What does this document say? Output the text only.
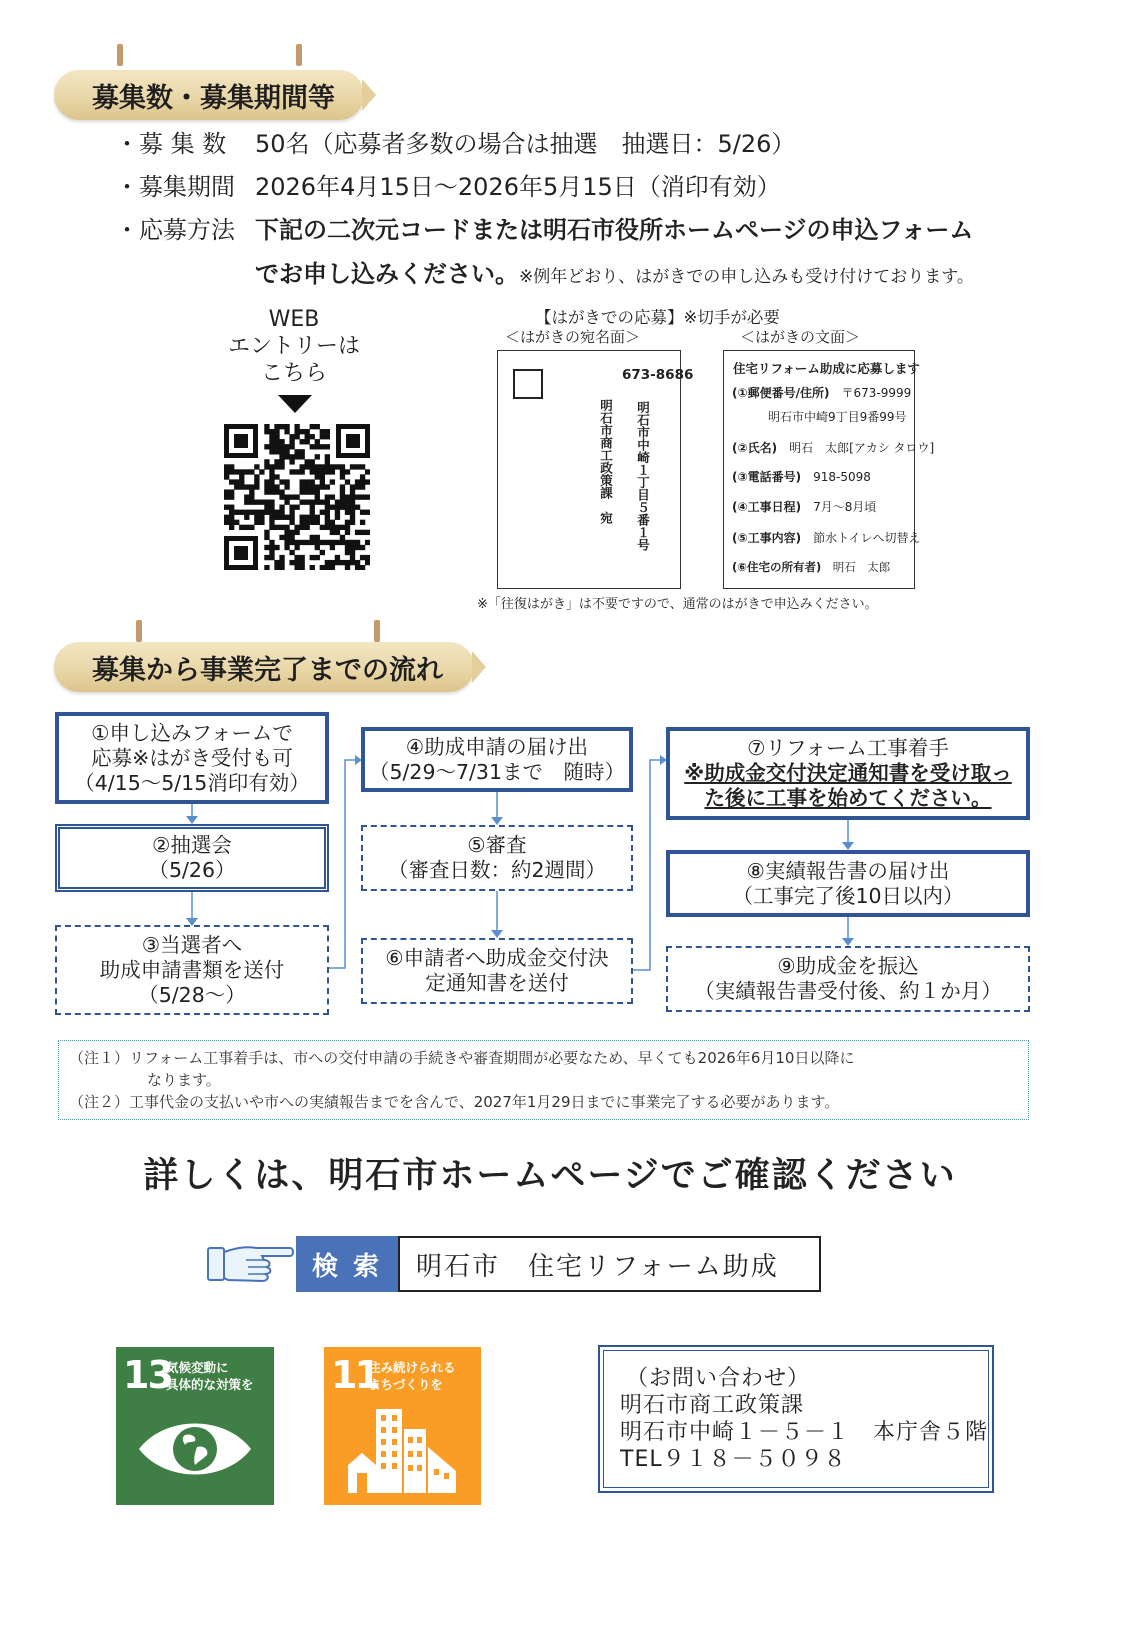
募集数・募集期間等
・募 集 数 50名（応募者多数の場合は抽選　抽選日：5/26）
・募集期間 2026年4月15日～2026年5月15日（消印有効）
・応募方法 下記の二次元コードまたは明石市役所ホームページの申込フォーム
でお申し込みください。※例年どおり、はがきでの申し込みも受け付けております。
WEB
エントリーは
こちら
【はがきでの応募】※切手が必要
＜はがきの宛名面＞	＜はがきの文面＞
673-8686
明石市中崎１丁目５番１号
明石市商工政策課　宛
住宅リフォーム助成に応募します
(①郵便番号/住所)　 〒673-9999
明石市中崎9丁目9番99号
(②氏名)　 明石　太郎[アカシ タロウ]
(③電話番号)　 918-5098
(④工事日程)　 7月～8月頃
(⑤工事内容)　 節水トイレへ切替え
(⑥住宅の所有者)　 明石　太郎
※「往復はがき」は不要ですので、通常のはがきで申込みください。
募集から事業完了までの流れ
①申し込みフォームで
応募※はがき受付も可
（4/15～5/15消印有効）
②抽選会
（5/26）
③当選者へ
助成申請書類を送付
（5/28～）
④助成申請の届け出
（5/29～7/31まで　随時）
⑤審査
（審査日数：約2週間）
⑥申請者へ助成金交付決
定通知書を送付
⑦リフォーム工事着手
※助成金交付決定通知書を受け取っ
た後に工事を始めてください。
⑧実績報告書の届け出
（工事完了後10日以内）
⑨助成金を振込
（実績報告書受付後、約１か月）
（注１）リフォーム工事着手は、市への交付申請の手続きや審査期間が必要なため、早くても2026年6月10日以降に
なります。
（注２）工事代金の支払いや市への実績報告までを含んで、2027年1月29日までに事業完了する必要があります。
詳しくは、明石市ホームページでご確認ください
検 索	明石市　住宅リフォーム助成
13
気候変動に
具体的な対策を 11
住み続けられる
まちづくりを	（お問い合わせ）
明石市商工政策課
明石市中崎１－５－１　本庁舎５階
TEL９１８－５０９８
